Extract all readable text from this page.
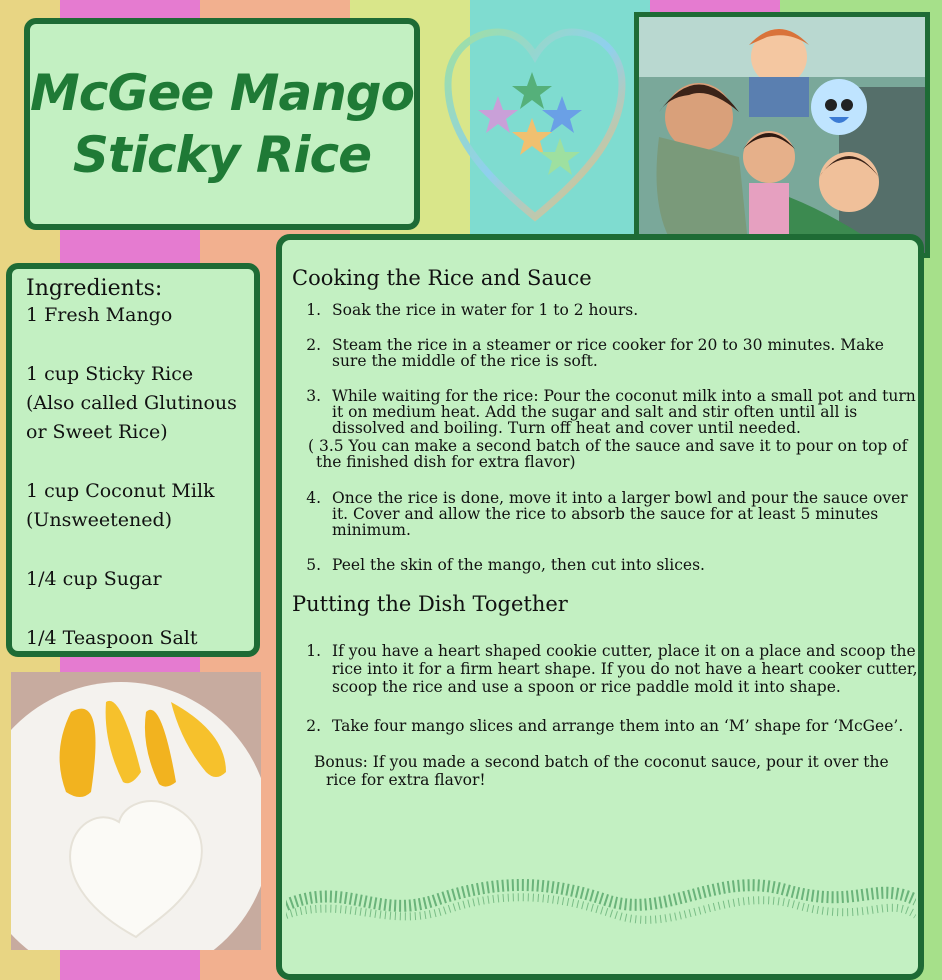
McGee Mango
Sticky Rice
Ingredients:
1 Fresh Mango
1 cup Sticky Rice (Also called Glutinous or Sweet Rice)
1 cup Coconut Milk (Unsweetened)
1/4 cup Sugar
1/4 Teaspoon Salt
Cooking the Rice and Sauce
1. Soak the rice in water for 1 to 2 hours.
2. Steam the rice in a steamer or rice cooker for 20 to 30 minutes. Make sure the middle of the rice is soft.
3. While waiting for the rice: Pour the coconut milk into a small pot and turn it on medium heat. Add the sugar and salt and stir often until all is dissolved and boiling. Turn off heat and cover until needed.
( 3.5 You can make a second batch of the sauce and save it to pour on top of the finished dish for extra flavor)
4. Once the rice is done, move it into a larger bowl and pour the sauce over it. Cover and allow the rice to absorb the sauce for at least 5 minutes minimum.
5. Peel the skin of the mango, then cut into slices.
Putting the Dish Together
1. If you have a heart shaped cookie cutter, place it on a place and scoop the rice into it for a firm heart shape. If you do not have a heart cooker cutter, scoop the rice and use a spoon or rice paddle mold it into shape.
2. Take four mango slices and arrange them into an ‘M’ shape for ‘McGee’.
Bonus: If you made a second batch of the coconut sauce, pour it over the
rice for extra flavor!
